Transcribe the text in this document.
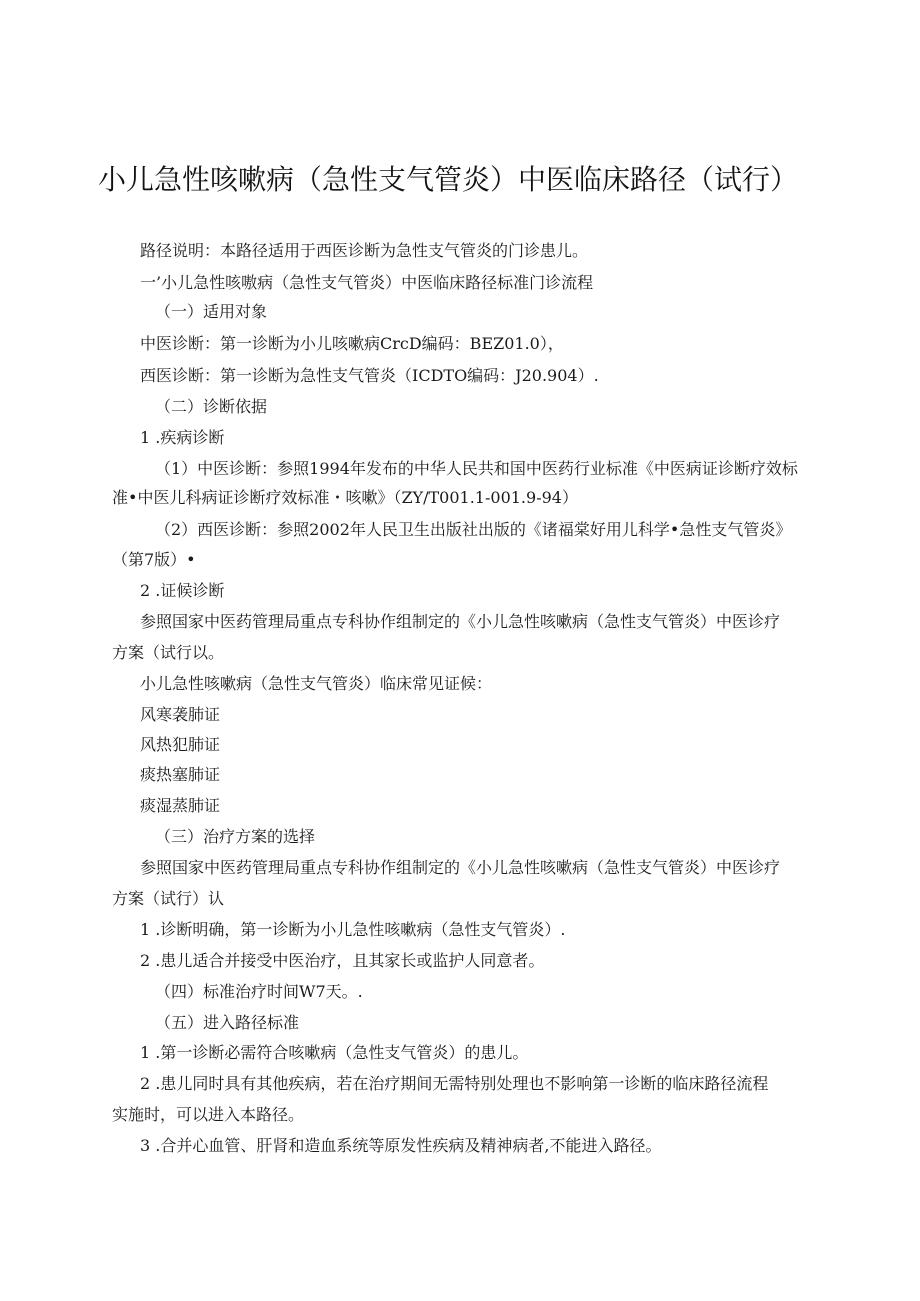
小儿急性咳嗽病（急性支气管炎）中医临床路径（试行）
路径说明：本路径适用于西医诊断为急性支气管炎的门诊患儿。
一’小儿急性咳嗷病（急性支气管炎）中医临床路径标准门诊流程
（一）适用对象
中医诊断：第一诊断为小儿咳嗽病CrcD编码：BEZ01.0），
西医诊断：第一诊断为急性支气管炎（ICDTO编码：J20.904）.
（二）诊断依据
1 .疾病诊断
（1）中医诊断：参照1994年发布的中华人民共和国中医药行业标准《中医病证诊断疗效标
准•中医儿科病证诊断疗效标准・咳嗽》（ZY/T001.1-001.9-94）
（2）西医诊断：参照2002年人民卫生出版社出版的《诸福棠好用儿科学•急性支气管炎》
（第7版）•
2 .证候诊断
参照国家中医药管理局重点专科协作组制定的《小儿急性咳嗽病（急性支气管炎）中医诊疗
方案（试行以。
小儿急性咳嗽病（急性支气管炎）临床常见证候：
风寒袭肺证
风热犯肺证
痰热塞肺证
痰湿蒸肺证
（三）治疗方案的选择
参照国家中医药管理局重点专科协作组制定的《小儿急性咳嗽病（急性支气管炎）中医诊疗
方案（试行）认
1 .诊断明确，第一诊断为小儿急性咳嗽病（急性支气管炎）.
2 .患儿适合并接受中医治疗，且其家长或监护人同意者。
（四）标准治疗时间W7天。.
（五）进入路径标准
1 .第一诊断必需符合咳嗽病（急性支气管炎）的患儿。
2 .患儿同时具有其他疾病，若在治疗期间无需特别处理也不影响第一诊断的临床路径流程
实施时，可以进入本路径。
3 .合并心血管、肝肾和造血系统等原发性疾病及精神病者,不能进入路径。
